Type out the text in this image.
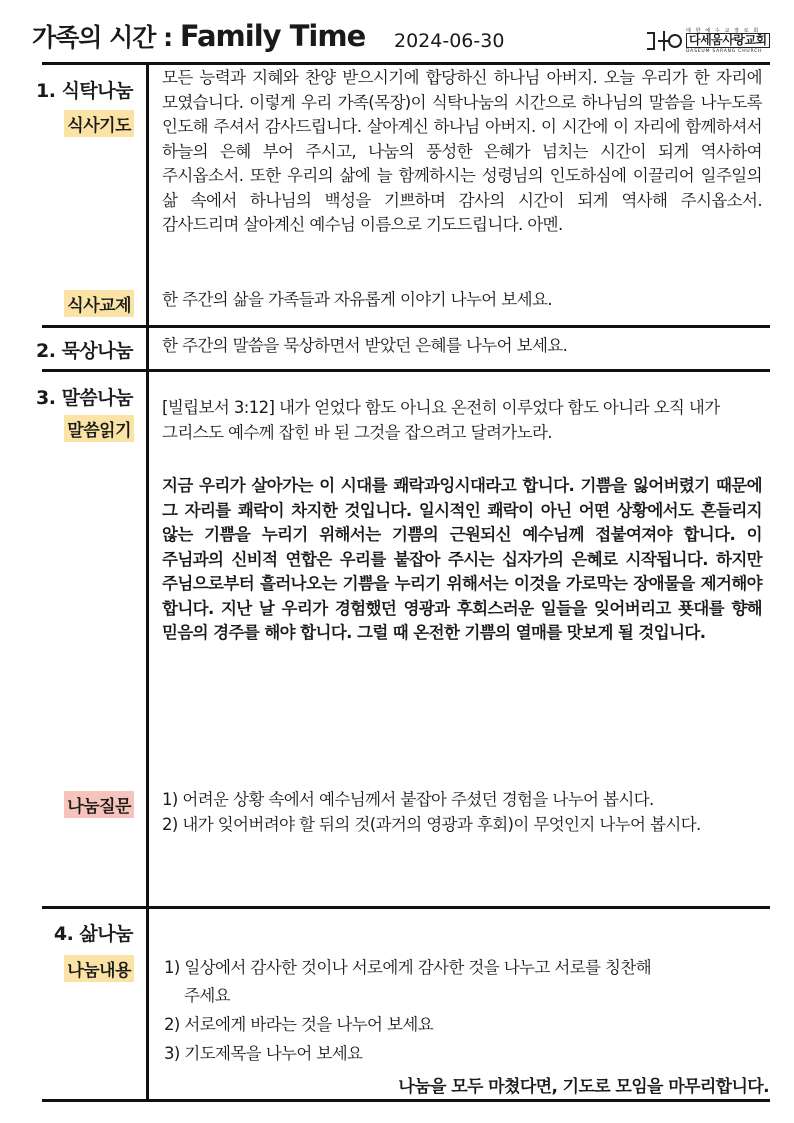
가족의 시간 : Family Time 2024-06-30	대 한 예 수 교 장 로 회
다세움사랑교회
DASEUM SARANG CHURCH
1. 식탁나눔
식사기도
모든 능력과 지혜와 찬양 받으시기에 합당하신 하나님 아버지. 오늘 우리가 한 자리에 모였습니다. 이렇게 우리 가족(목장)이 식탁나눔의 시간으로 하나님의 말씀을 나누도록 인도해 주셔서 감사드립니다. 살아계신 하나님 아버지. 이 시간에 이 자리에 함께하셔서 하늘의 은혜 부어 주시고, 나눔의 풍성한 은혜가 넘치는 시간이 되게 역사하여 주시옵소서. 또한 우리의 삶에 늘 함께하시는 성령님의 인도하심에 이끌리어 일주일의 삶 속에서 하나님의 백성을 기쁘하며 감사의 시간이 되게 역사해 주시옵소서. 감사드리며 살아계신 예수님 이름으로 기도드립니다. 아멘.
식사교제 한 주간의 삶을 가족들과 자유롭게 이야기 나누어 보세요.
2. 묵상나눔 한 주간의 말씀을 묵상하면서 받았던 은혜를 나누어 보세요.
3. 말씀나눔
말씀읽기
[빌립보서 3:12] 내가 얻었다 함도 아니요 온전히 이루었다 함도 아니라 오직 내가 그리스도 예수께 잡힌 바 된 그것을 잡으려고 달려가노라.
지금 우리가 살아가는 이 시대를 쾌락과잉시대라고 합니다. 기쁨을 잃어버렸기 때문에 그 자리를 쾌락이 차지한 것입니다. 일시적인 쾌락이 아닌 어떤 상황에서도 흔들리지 않는 기쁨을 누리기 위해서는 기쁨의 근원되신 예수님께 접붙여져야 합니다. 이 주님과의 신비적 연합은 우리를 붙잡아 주시는 십자가의 은혜로 시작됩니다. 하지만 주님으로부터 흘러나오는 기쁨을 누리기 위해서는 이것을 가로막는 장애물을 제거해야 합니다. 지난 날 우리가 경험했던 영광과 후회스러운 일들을 잊어버리고 푯대를 향해 믿음의 경주를 해야 합니다. 그럴 때 온전한 기쁨의 열매를 맛보게 될 것입니다.
나눔질문 1) 어려운 상황 속에서 예수님께서 붙잡아 주셨던 경험을 나누어 봅시다.
2) 내가 잊어버려야 할 뒤의 것(과거의 영광과 후회)이 무엇인지 나누어 봅시다.
4. 삶나눔
나눔내용 1) 일상에서 감사한 것이나 서로에게 감사한 것을 나누고 서로를 칭찬해
주세요
2) 서로에게 바라는 것을 나누어 보세요
3) 기도제목을 나누어 보세요
나눔을 모두 마쳤다면, 기도로 모임을 마무리합니다.
